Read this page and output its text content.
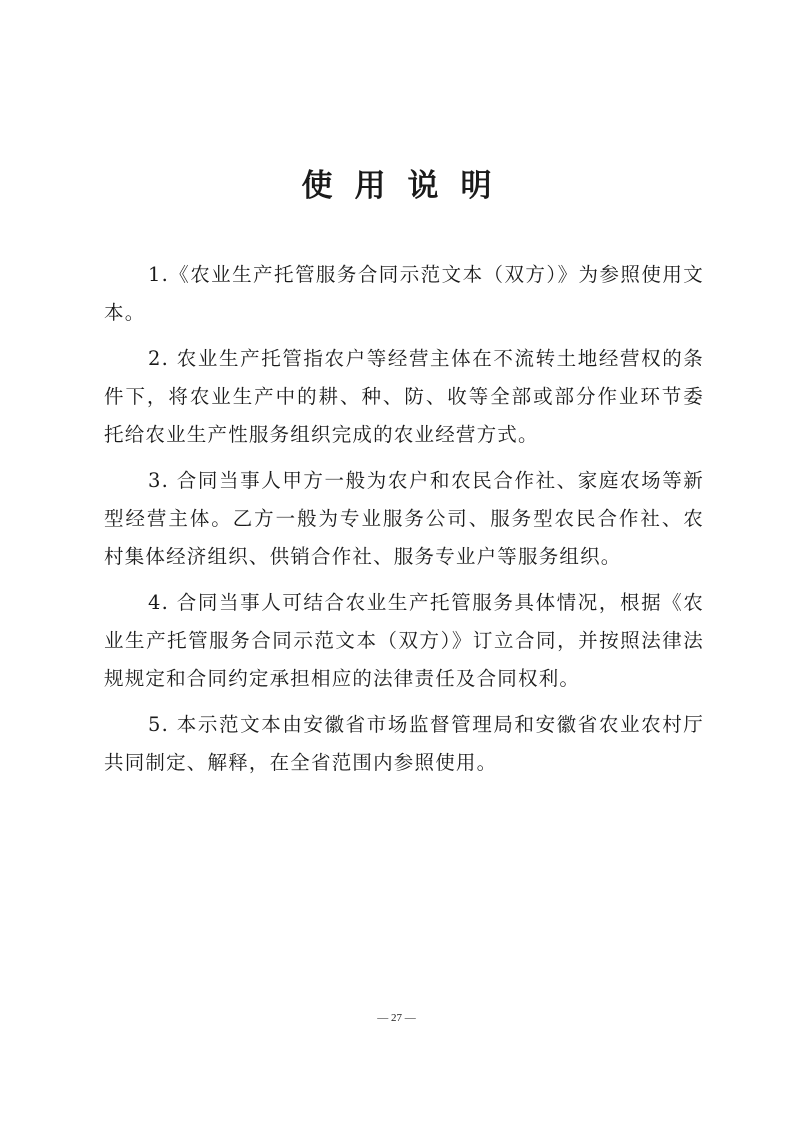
使用说明

1.《农业生产托管服务合同示范文本（双方）》为参照使用文本。

2. 农业生产托管指农户等经营主体在不流转土地经营权的条件下，将农业生产中的耕、种、防、收等全部或部分作业环节委托给农业生产性服务组织完成的农业经营方式。

3. 合同当事人甲方一般为农户和农民合作社、家庭农场等新型经营主体。乙方一般为专业服务公司、服务型农民合作社、农村集体经济组织、供销合作社、服务专业户等服务组织。

4. 合同当事人可结合农业生产托管服务具体情况，根据《农业生产托管服务合同示范文本（双方）》订立合同，并按照法律法规规定和合同约定承担相应的法律责任及合同权利。

5. 本示范文本由安徽省市场监督管理局和安徽省农业农村厅共同制定、解释，在全省范围内参照使用。

— 27 —
